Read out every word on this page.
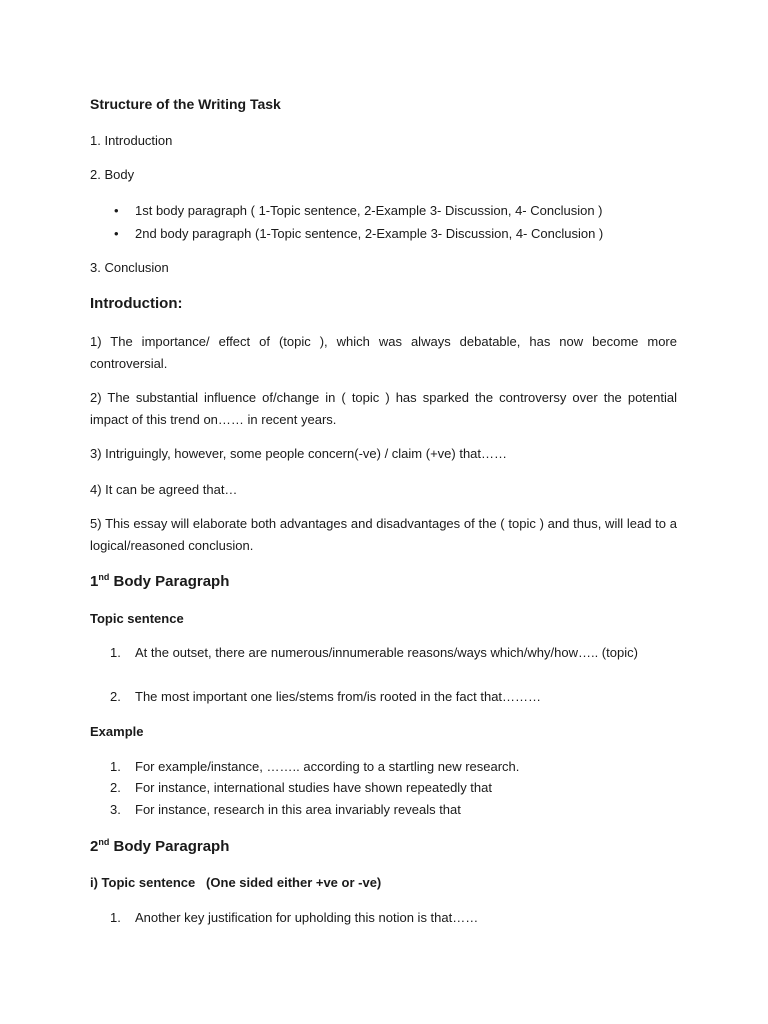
Structure of the Writing Task
1. Introduction
2. Body
• 1st body paragraph ( 1-Topic sentence, 2-Example 3- Discussion, 4- Conclusion )
• 2nd body paragraph (1-Topic sentence, 2-Example 3- Discussion, 4- Conclusion )
3. Conclusion
Introduction:
1) The importance/ effect of (topic ), which was always debatable, has now become more controversial.
2) The substantial influence of/change in ( topic ) has sparked the controversy over the potential impact of this trend on…… in recent years.
3) Intriguingly, however, some people concern(-ve) / claim (+ve) that……
4) It can be agreed that…
5) This essay will elaborate both advantages and disadvantages of the ( topic ) and thus, will lead to a logical/reasoned conclusion.
1nd Body Paragraph
Topic sentence
1. At the outset, there are numerous/innumerable reasons/ways which/why/how….. (topic)
2. The most important one lies/stems from/is rooted in the fact that………
Example
1. For example/instance, …….. according to a startling new research.
2. For instance, international studies have shown repeatedly that
3. For instance, research in this area invariably reveals that
2nd Body Paragraph
i) Topic sentence   (One sided either +ve or -ve)
1. Another key justification for upholding this notion is that……
